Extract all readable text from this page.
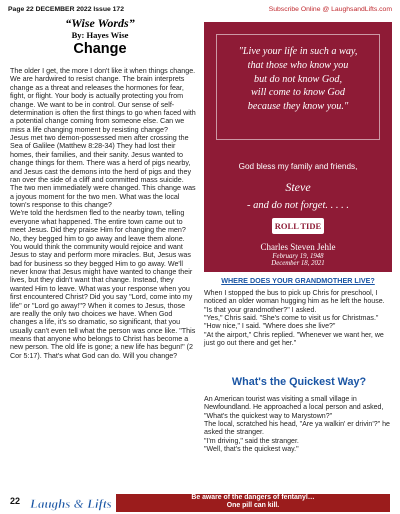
Page 22 DECEMBER 2022 Issue 172	Subscribe Online @ LaughsandLifts.com
“Wise Words”
By: Hayes Wise
Change

The older I get, the more I don't like it when things change. We are hardwired to resist change. The brain interprets change as a threat and releases the hormones for fear, fight, or flight. Your body is actually protecting you from change. We want to be in control. Our sense of self-determination is often the first things to go when faced with a potential change coming from someone else. Can we miss a life changing moment by resisting change?

Jesus met two demon-possessed men after crossing the Sea of Galilee (Matthew 8:28-34) They had lost their homes, their families, and their sanity. Jesus wanted to change things for them. There was a herd of pigs nearby, and Jesus cast the demons into the herd of pigs and they ran over the side of a cliff and committed mass suicide. The two men immediately were changed. This change was a joyous moment for the two men. What was the local town's response to this change?

We're told the herdsmen fled to the nearby town, telling everyone what happened. The entire town came out to meet Jesus. Did they praise Him for changing the men? No, they begged him to go away and leave them alone. You would think the community would rejoice and want Jesus to stay and perform more miracles. But, Jesus was bad for business so they begged Him to go away. We'll never know that Jesus might have wanted to change their lives, but they didn't want that change. Instead, they wanted Him to leave. What was your response when you first encountered Christ? Did you say "Lord, come into my life" or "Lord go away!"? When it comes to Jesus, those are really the only two choices we have. When God changes a life, it's so dramatic, so significant, that you usually can't even tell what the person was once like. "This means that anyone who belongs to Christ has become a new person. The old life is gone; a new life has begun!" (2 Cor 5:17). That's what God can do. Will you change?

"Live your life in such a way,
that those who know you
but do not know God,
will come to know God
because they know you."
God bless my family and friends,
Steve
- and do not forget. . . . .
ROLL TIDE
Charles Steven Jehle
February 19, 1948
December 18, 2021
WHERE DOES YOUR GRANDMOTHER LIVE?

When I stopped the bus to pick up Chris for preschool, I noticed an older woman hugging him as he left the house. "Is that your grandmother?" I asked.

"Yes," Chris said. "She's come to visit us for Christmas."

"How nice," I said. "Where does she live?"

"At the airport," Chris replied. "Whenever we want her, we just go out there and get her."

What's the Quickest Way?

An American tourist was visiting a small village in Newfoundland. He approached a local person and asked, "What's the quickest way to Marystown?"

The local, scratched his head, "Are ya walkin' er drivin'?" he asked the stranger.

"I'm driving," said the stranger.

"Well, that's the quickest way."

22 Laughs & Lifts	Be aware of the dangers of fentanyl…
One pill can kill.
